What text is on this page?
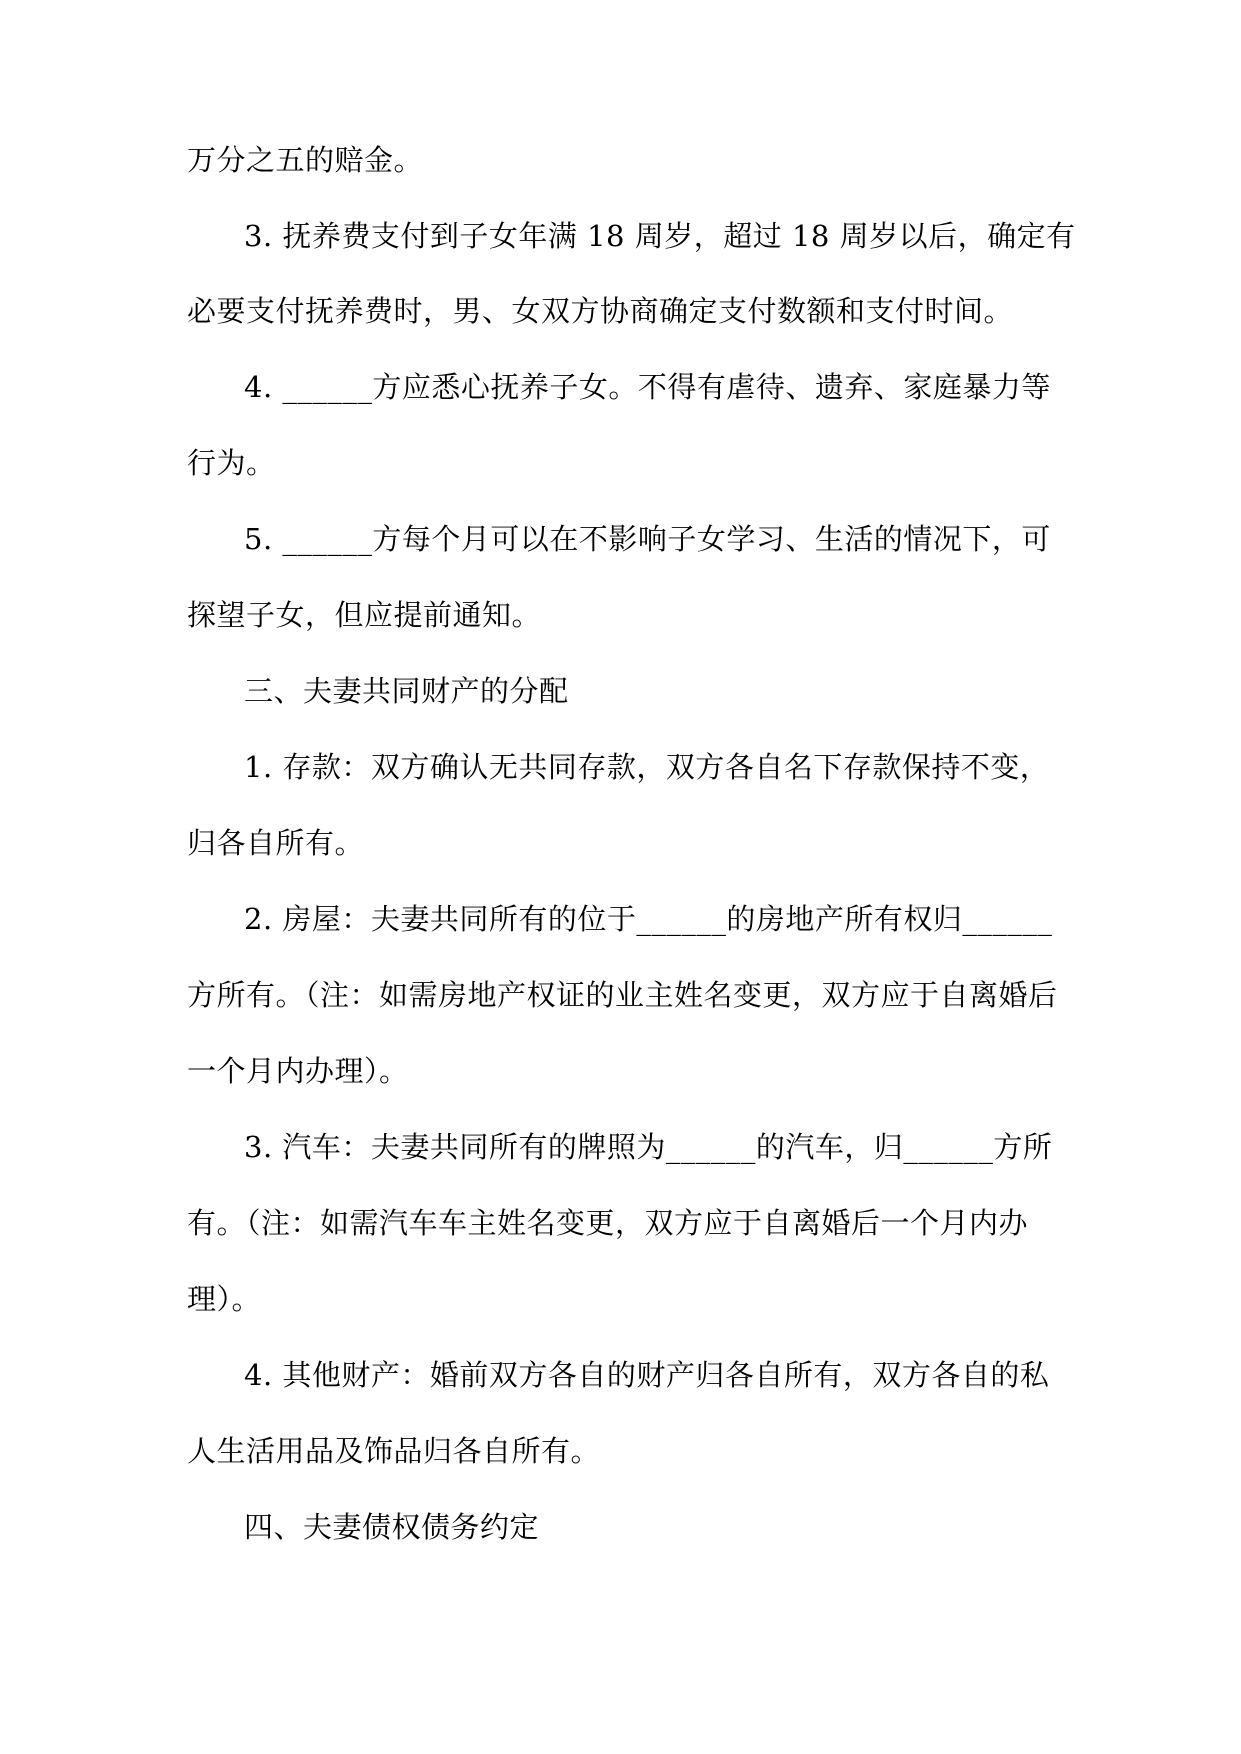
万分之五的赔金。
3. 抚养费支付到子女年满 18 周岁，超过 18 周岁以后，确定有
必要支付抚养费时，男、女双方协商确定支付数额和支付时间。
4. ______方应悉心抚养子女。不得有虐待、遗弃、家庭暴力等
行为。
5. ______方每个月可以在不影响子女学习、生活的情况下，可
探望子女，但应提前通知。
三、夫妻共同财产的分配
1. 存款：双方确认无共同存款，双方各自名下存款保持不变，
归各自所有。
2. 房屋：夫妻共同所有的位于______的房地产所有权归______
方所有。（注：如需房地产权证的业主姓名变更，双方应于自离婚后
一个月内办理）。
3. 汽车：夫妻共同所有的牌照为______的汽车，归______方所
有。（注：如需汽车车主姓名变更，双方应于自离婚后一个月内办
理）。
4. 其他财产：婚前双方各自的财产归各自所有，双方各自的私
人生活用品及饰品归各自所有。
四、夫妻债权债务约定
